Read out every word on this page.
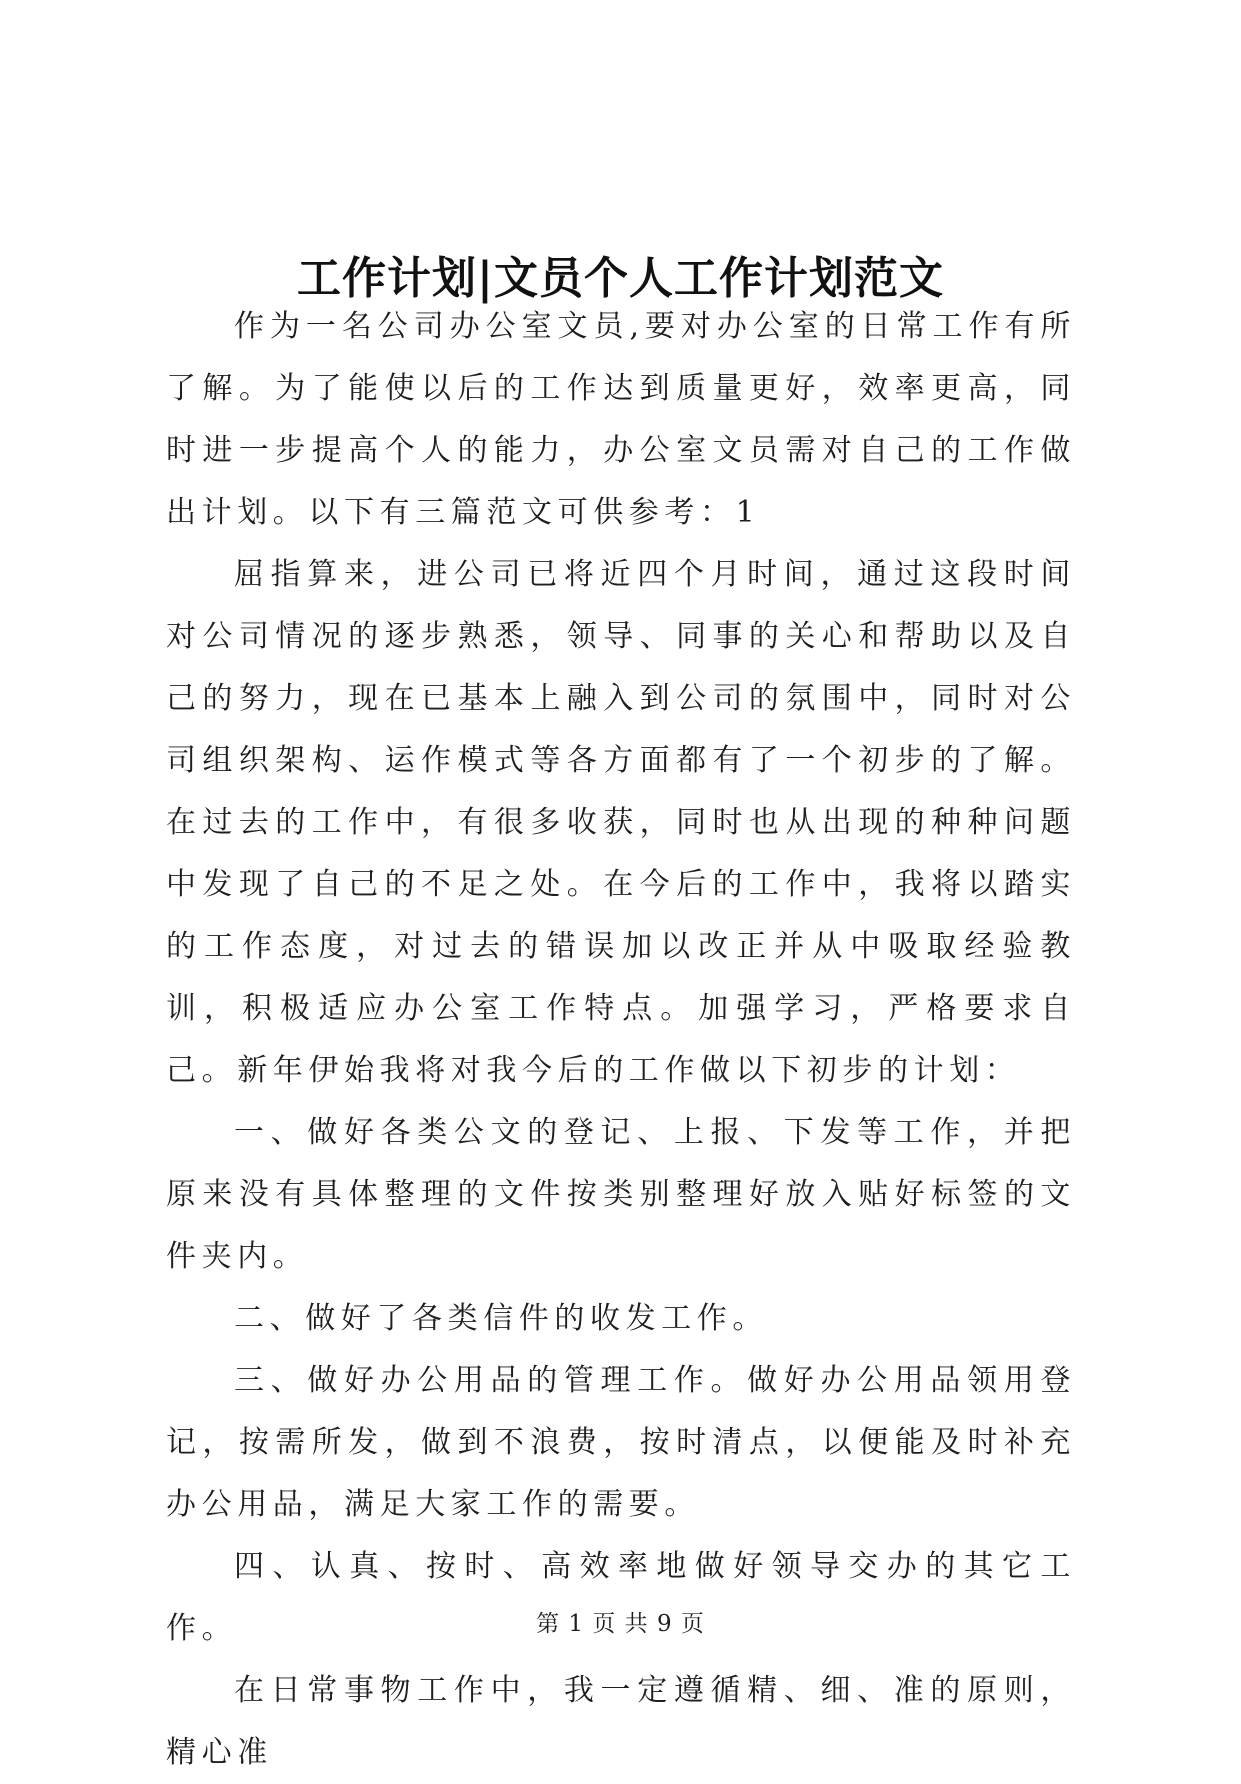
工作计划|文员个人工作计划范文

作为一名公司办公室文员,要对办公室的日常工作有所了解。为了能使以后的工作达到质量更好，效率更高，同时进一步提高个人的能力，办公室文员需对自己的工作做出计划。以下有三篇范文可供参考：1

屈指算来，进公司已将近四个月时间，通过这段时间对公司情况的逐步熟悉，领导、同事的关心和帮助以及自己的努力，现在已基本上融入到公司的氛围中，同时对公司组织架构、运作模式等各方面都有了一个初步的了解。在过去的工作中，有很多收获，同时也从出现的种种问题中发现了自己的不足之处。在今后的工作中，我将以踏实的工作态度，对过去的错误加以改正并从中吸取经验教训，积极适应办公室工作特点。加强学习，严格要求自己。新年伊始我将对我今后的工作做以下初步的计划：

一、做好各类公文的登记、上报、下发等工作，并把原来没有具体整理的文件按类别整理好放入贴好标签的文件夹内。

二、做好了各类信件的收发工作。

三、做好办公用品的管理工作。做好办公用品领用登记，按需所发，做到不浪费，按时清点，以便能及时补充办公用品，满足大家工作的需要。

四、认真、按时、高效率地做好领导交办的其它工作。

在日常事物工作中，我一定遵循精、细、准的原则，精心准

第 1 页 共 9 页
